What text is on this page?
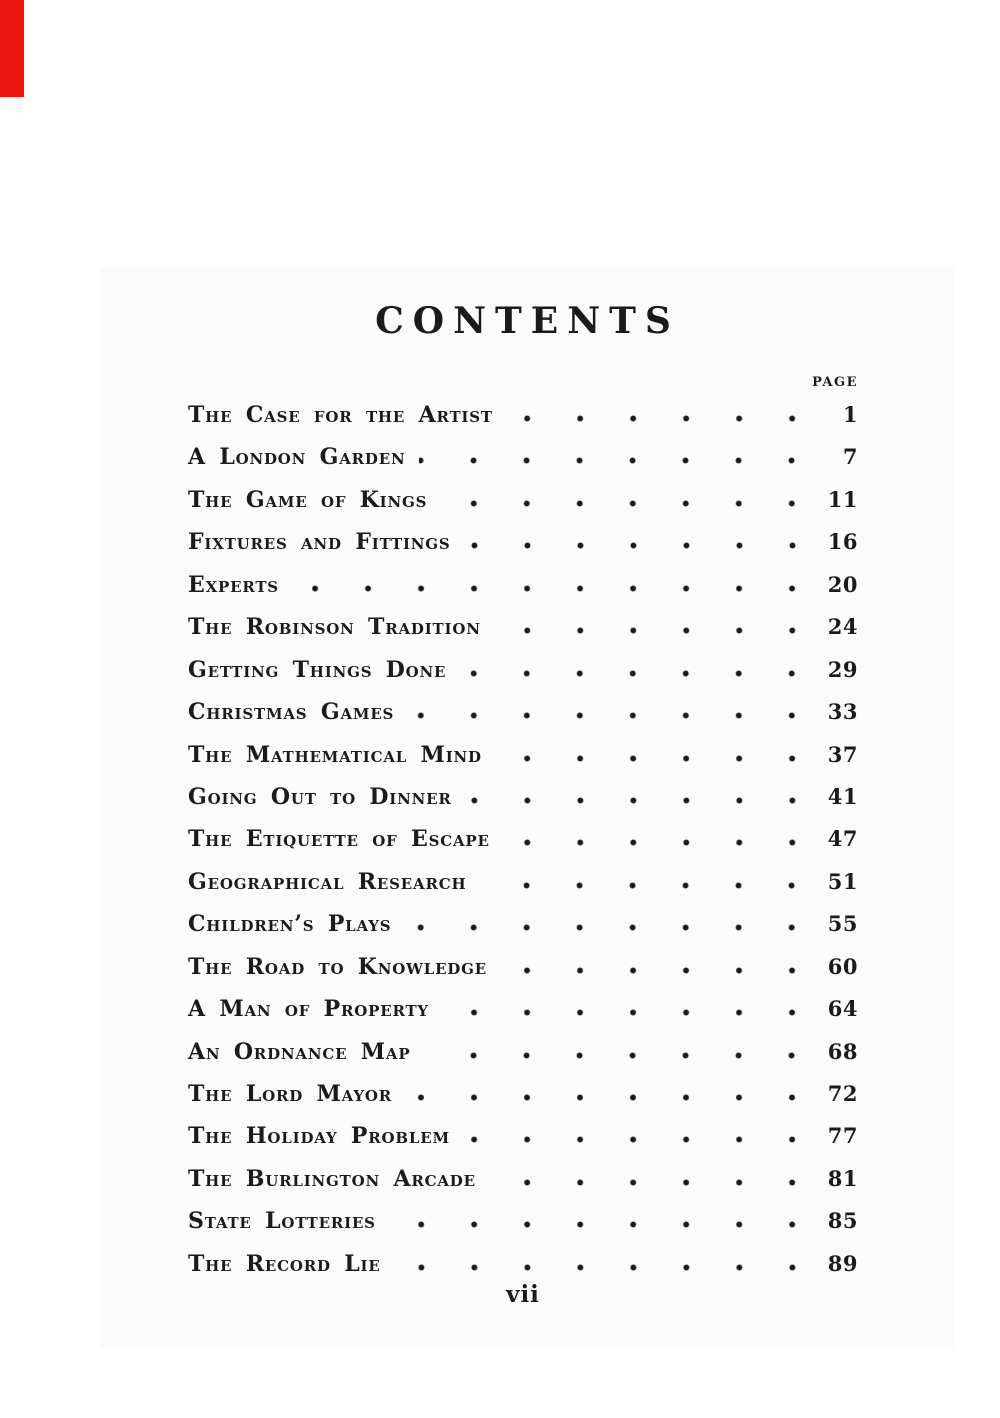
CONTENTS
PAGE
The Case for the Artist	1
A London Garden	7
The Game of Kings	11
Fixtures and Fittings	16
Experts	20
The Robinson Tradition	24
Getting Things Done	29
Christmas Games	33
The Mathematical Mind	37
Going Out to Dinner	41
The Etiquette of Escape	47
Geographical Research	51
Children’s Plays	55
The Road to Knowledge	60
A Man of Property	64
An Ordnance Map	68
The Lord Mayor	72
The Holiday Problem	77
The Burlington Arcade	81
State Lotteries	85
The Record Lie	89
vii
